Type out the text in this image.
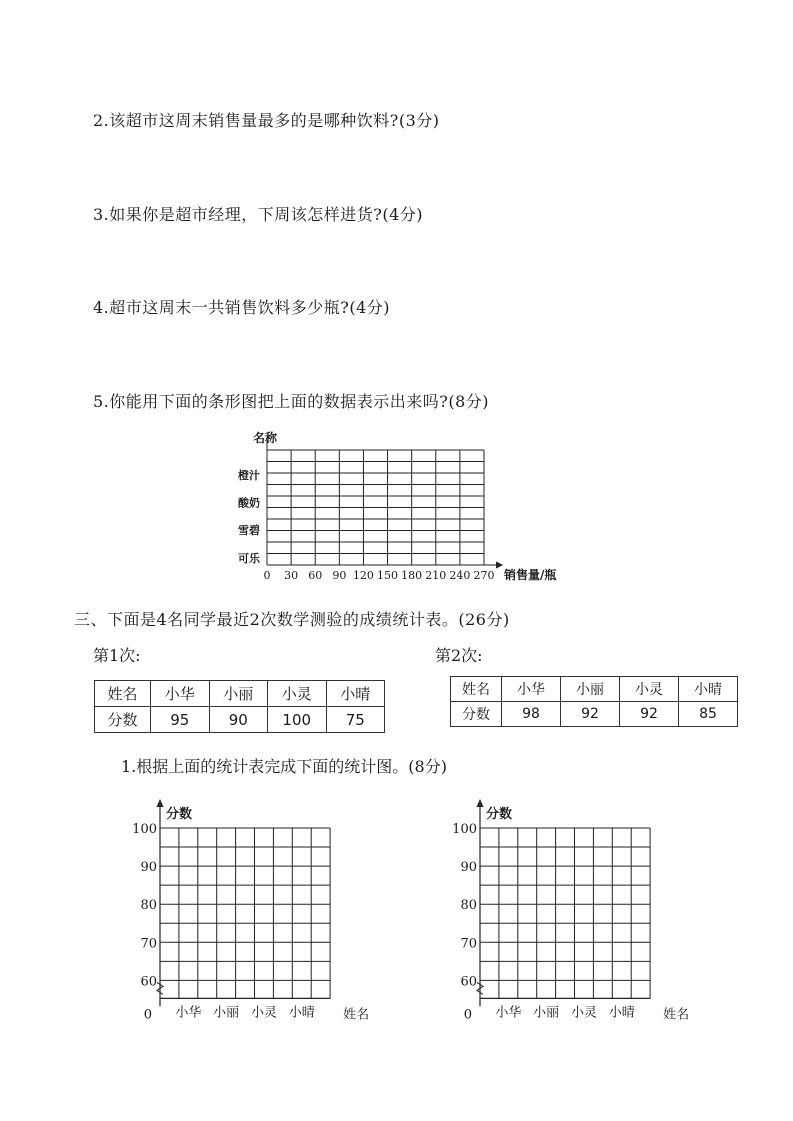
2.该超市这周末销售量最多的是哪种饮料?(3分)
3.如果你是超市经理，下周该怎样进货?(4分)
4.超市这周末一共销售饮料多少瓶?(4分)
5.你能用下面的条形图把上面的数据表示出来吗?(8分)
名称
橙汁
酸奶
雪碧
可乐
0 30 60 90 120 150 180 210 240 270 销售量/瓶
三、下面是4名同学最近2次数学测验的成绩统计表。(26分)
第1次:	第2次:
姓名	小华	小丽	小灵	小晴
分数	95	90	100	75
姓名	小华	小丽	小灵	小晴
分数	98	92	92	85
1.根据上面的统计表完成下面的统计图。(8分)
分数
100
90
80
70
60
0 小华 小丽 小灵 小晴 姓名
分数
100
90
80
70
60
0 小华 小丽 小灵 小晴 姓名
